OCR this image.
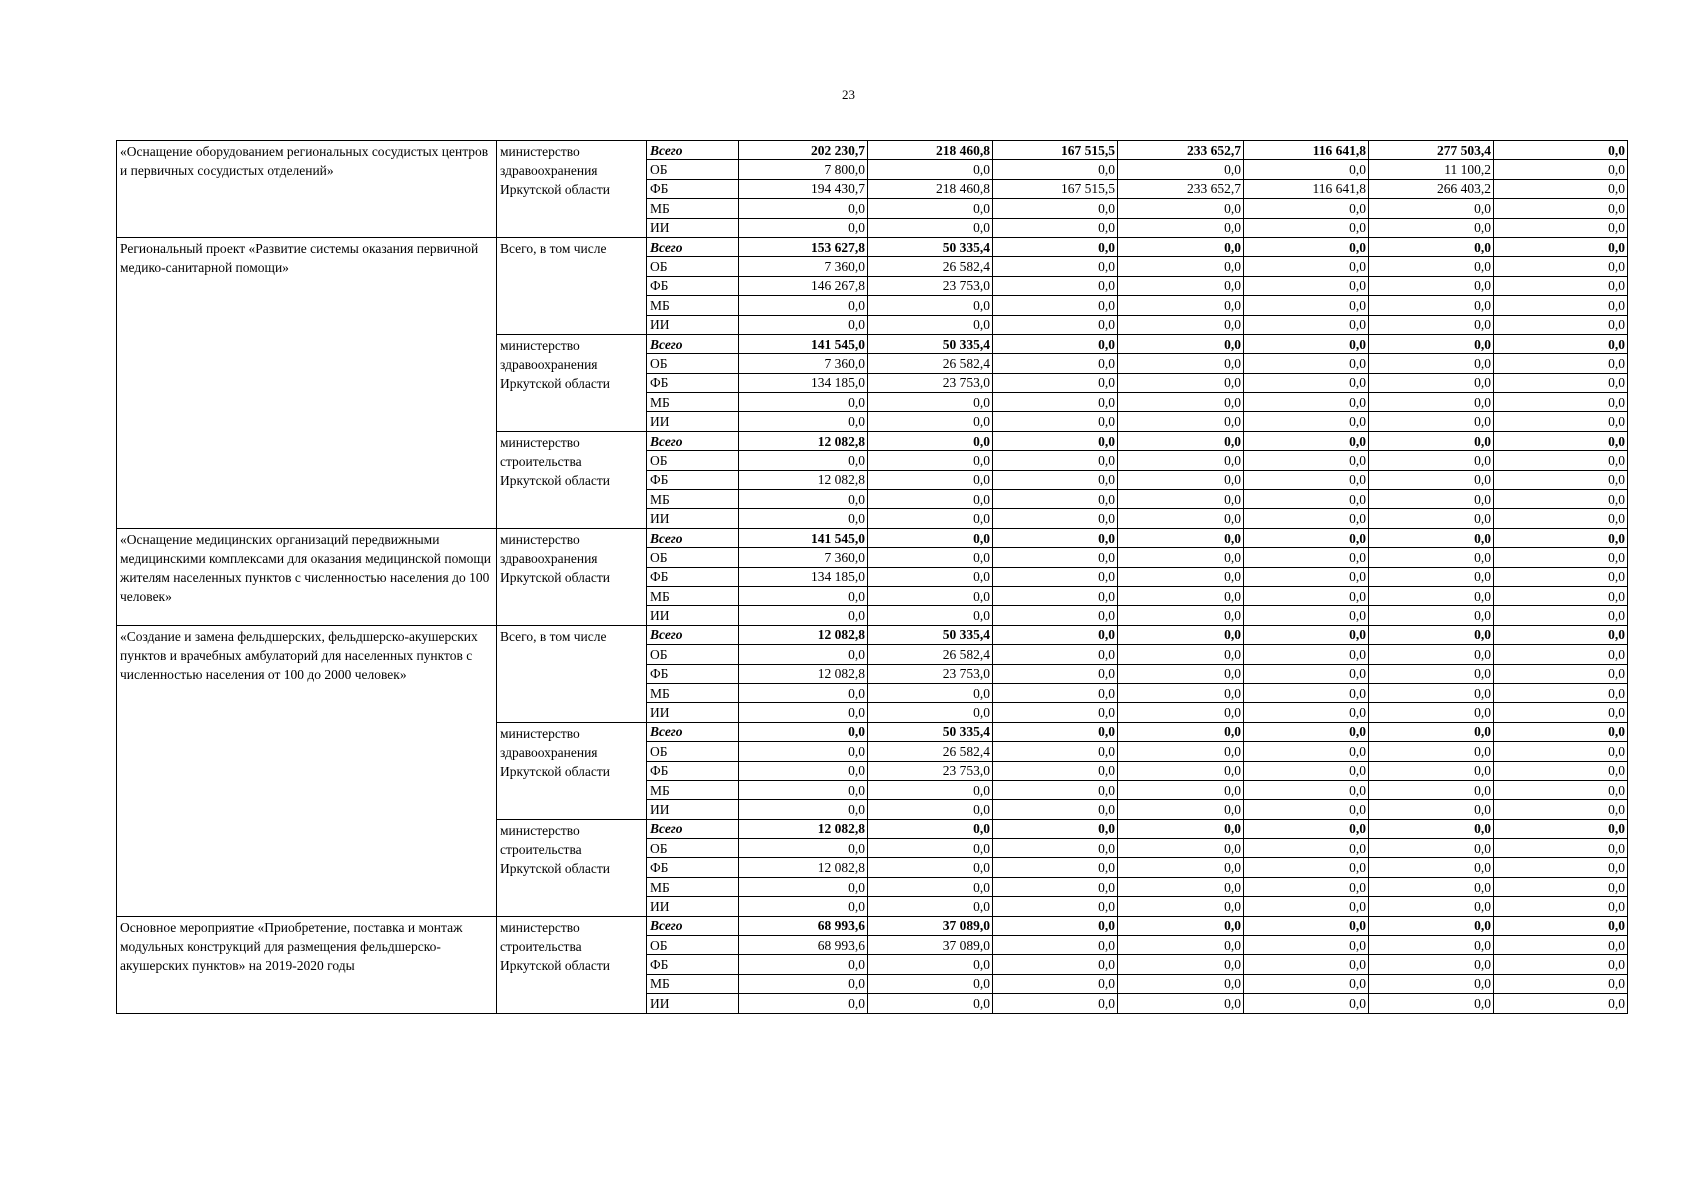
23
«Оснащение оборудованием региональных сосудистых центров и первичных сосудистых отделений»	министерство здравоохранения Иркутской области	Всего	202 230,7	218 460,8	167 515,5	233 652,7	116 641,8	277 503,4	0,0
		ОБ	7 800,0	0,0	0,0	0,0	0,0	11 100,2	0,0
		ФБ	194 430,7	218 460,8	167 515,5	233 652,7	116 641,8	266 403,2	0,0
		МБ	0,0	0,0	0,0	0,0	0,0	0,0	0,0
		ИИ	0,0	0,0	0,0	0,0	0,0	0,0	0,0
Региональный проект «Развитие системы оказания первичной медико-санитарной помощи»	Всего, в том числе	Всего	153 627,8	50 335,4	0,0	0,0	0,0	0,0	0,0
		ОБ	7 360,0	26 582,4	0,0	0,0	0,0	0,0	0,0
		ФБ	146 267,8	23 753,0	0,0	0,0	0,0	0,0	0,0
		МБ	0,0	0,0	0,0	0,0	0,0	0,0	0,0
		ИИ	0,0	0,0	0,0	0,0	0,0	0,0	0,0
	министерство здравоохранения Иркутской области	Всего	141 545,0	50 335,4	0,0	0,0	0,0	0,0	0,0
		ОБ	7 360,0	26 582,4	0,0	0,0	0,0	0,0	0,0
		ФБ	134 185,0	23 753,0	0,0	0,0	0,0	0,0	0,0
		МБ	0,0	0,0	0,0	0,0	0,0	0,0	0,0
		ИИ	0,0	0,0	0,0	0,0	0,0	0,0	0,0
	министерство строительства Иркутской области	Всего	12 082,8	0,0	0,0	0,0	0,0	0,0	0,0
		ОБ	0,0	0,0	0,0	0,0	0,0	0,0	0,0
		ФБ	12 082,8	0,0	0,0	0,0	0,0	0,0	0,0
		МБ	0,0	0,0	0,0	0,0	0,0	0,0	0,0
		ИИ	0,0	0,0	0,0	0,0	0,0	0,0	0,0
«Оснащение медицинских организаций передвижными медицинскими комплексами для оказания медицинской помощи жителям населенных пунктов с численностью населения до 100 человек»	министерство здравоохранения Иркутской области	Всего	141 545,0	0,0	0,0	0,0	0,0	0,0	0,0
		ОБ	7 360,0	0,0	0,0	0,0	0,0	0,0	0,0
		ФБ	134 185,0	0,0	0,0	0,0	0,0	0,0	0,0
		МБ	0,0	0,0	0,0	0,0	0,0	0,0	0,0
		ИИ	0,0	0,0	0,0	0,0	0,0	0,0	0,0
«Создание и замена фельдшерских, фельдшерско-акушерских пунктов и врачебных амбулаторий для населенных пунктов с численностью населения от 100 до 2000 человек»	Всего, в том числе	Всего	12 082,8	50 335,4	0,0	0,0	0,0	0,0	0,0
		ОБ	0,0	26 582,4	0,0	0,0	0,0	0,0	0,0
		ФБ	12 082,8	23 753,0	0,0	0,0	0,0	0,0	0,0
		МБ	0,0	0,0	0,0	0,0	0,0	0,0	0,0
		ИИ	0,0	0,0	0,0	0,0	0,0	0,0	0,0
	министерство здравоохранения Иркутской области	Всего	0,0	50 335,4	0,0	0,0	0,0	0,0	0,0
		ОБ	0,0	26 582,4	0,0	0,0	0,0	0,0	0,0
		ФБ	0,0	23 753,0	0,0	0,0	0,0	0,0	0,0
		МБ	0,0	0,0	0,0	0,0	0,0	0,0	0,0
		ИИ	0,0	0,0	0,0	0,0	0,0	0,0	0,0
	министерство строительства Иркутской области	Всего	12 082,8	0,0	0,0	0,0	0,0	0,0	0,0
		ОБ	0,0	0,0	0,0	0,0	0,0	0,0	0,0
		ФБ	12 082,8	0,0	0,0	0,0	0,0	0,0	0,0
		МБ	0,0	0,0	0,0	0,0	0,0	0,0	0,0
		ИИ	0,0	0,0	0,0	0,0	0,0	0,0	0,0
Основное мероприятие «Приобретение, поставка и монтаж модульных конструкций для размещения фельдшерско-акушерских пунктов» на 2019-2020 годы	министерство строительства Иркутской области	Всего	68 993,6	37 089,0	0,0	0,0	0,0	0,0	0,0
		ОБ	68 993,6	37 089,0	0,0	0,0	0,0	0,0	0,0
		ФБ	0,0	0,0	0,0	0,0	0,0	0,0	0,0
		МБ	0,0	0,0	0,0	0,0	0,0	0,0	0,0
		ИИ	0,0	0,0	0,0	0,0	0,0	0,0	0,0
